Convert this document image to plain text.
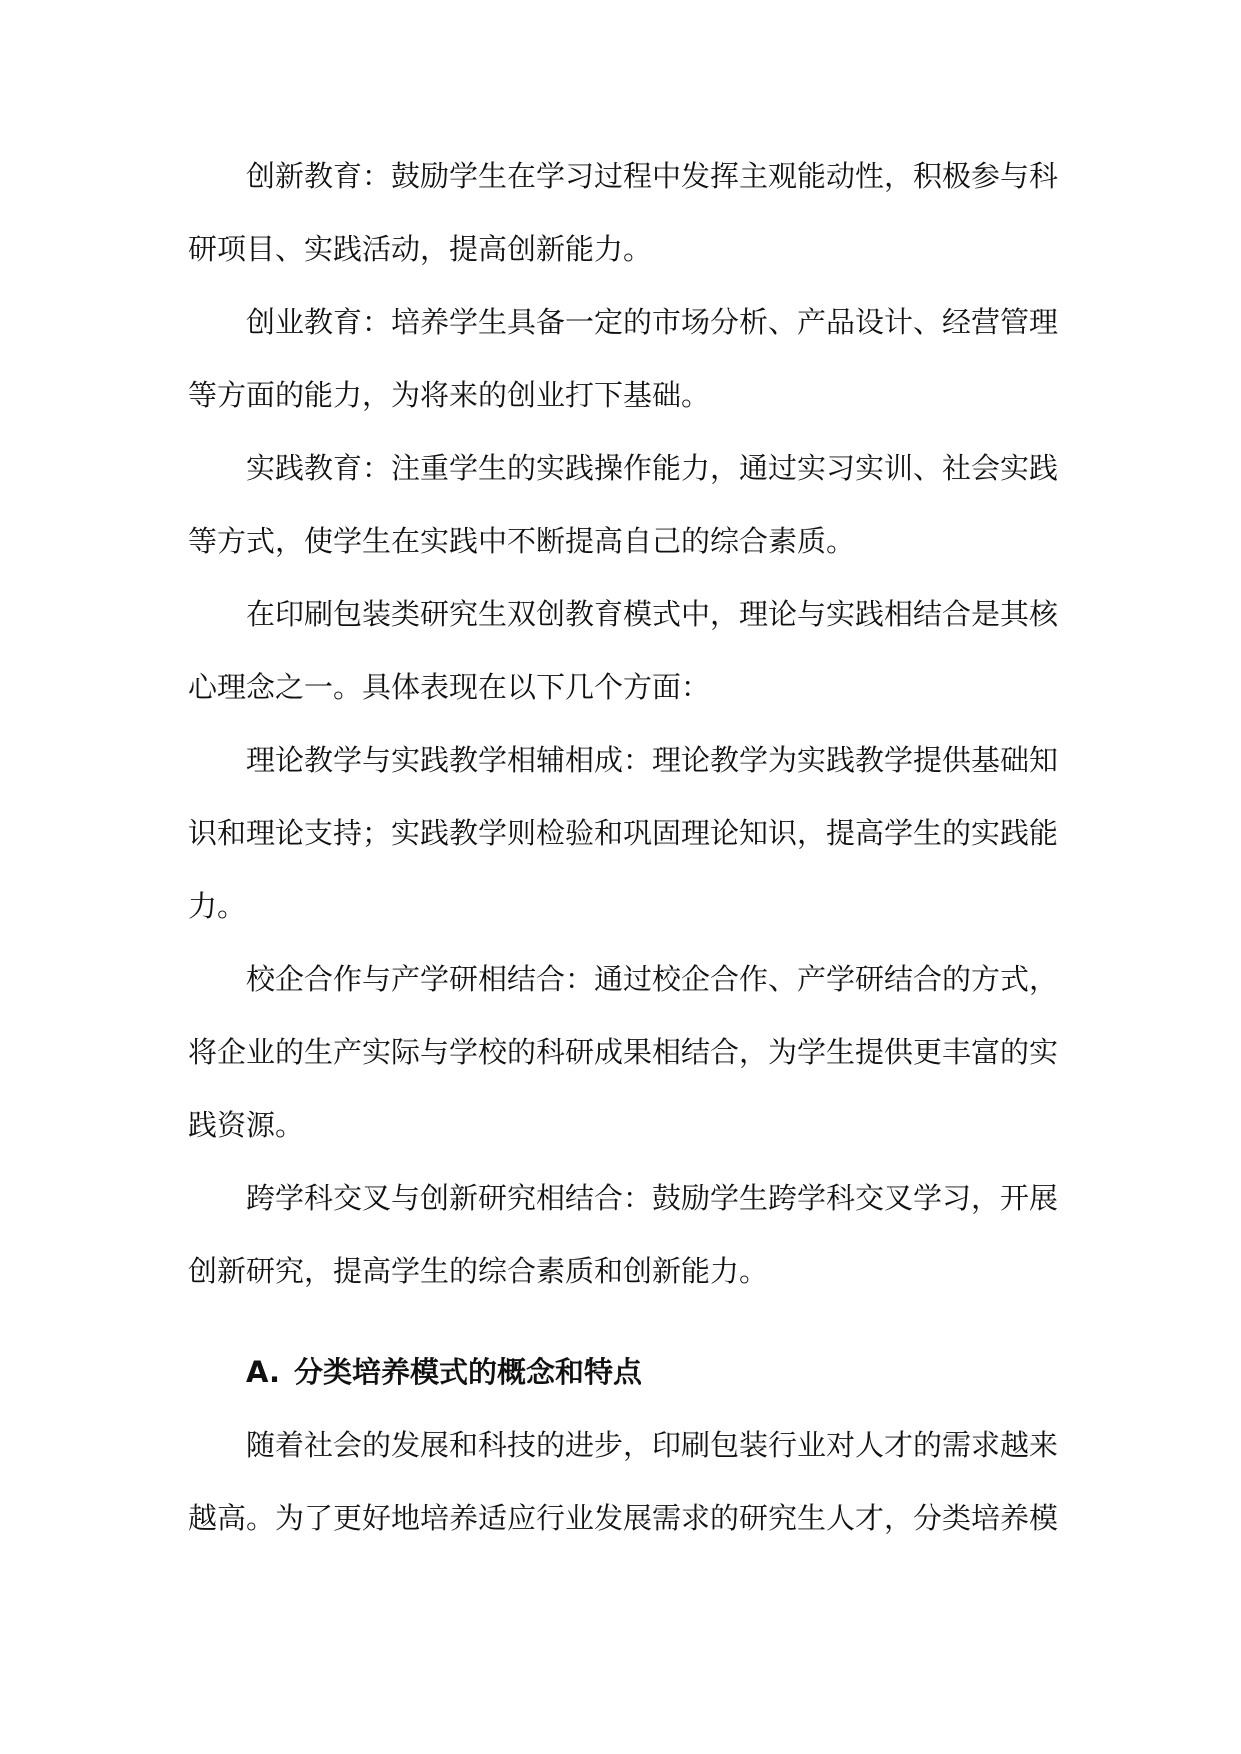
创新教育：鼓励学生在学习过程中发挥主观能动性，积极参与科研项目、实践活动，提高创新能力。

创业教育：培养学生具备一定的市场分析、产品设计、经营管理等方面的能力，为将来的创业打下基础。

实践教育：注重学生的实践操作能力，通过实习实训、社会实践等方式，使学生在实践中不断提高自己的综合素质。

在印刷包装类研究生双创教育模式中，理论与实践相结合是其核心理念之一。具体表现在以下几个方面：

理论教学与实践教学相辅相成：理论教学为实践教学提供基础知识和理论支持；实践教学则检验和巩固理论知识，提高学生的实践能力。

校企合作与产学研相结合：通过校企合作、产学研结合的方式，将企业的生产实际与学校的科研成果相结合，为学生提供更丰富的实践资源。

跨学科交叉与创新研究相结合：鼓励学生跨学科交叉学习，开展创新研究，提高学生的综合素质和创新能力。

A. 分类培养模式的概念和特点

随着社会的发展和科技的进步，印刷包装行业对人才的需求越来越高。为了更好地培养适应行业发展需求的研究生人才，分类培养模
